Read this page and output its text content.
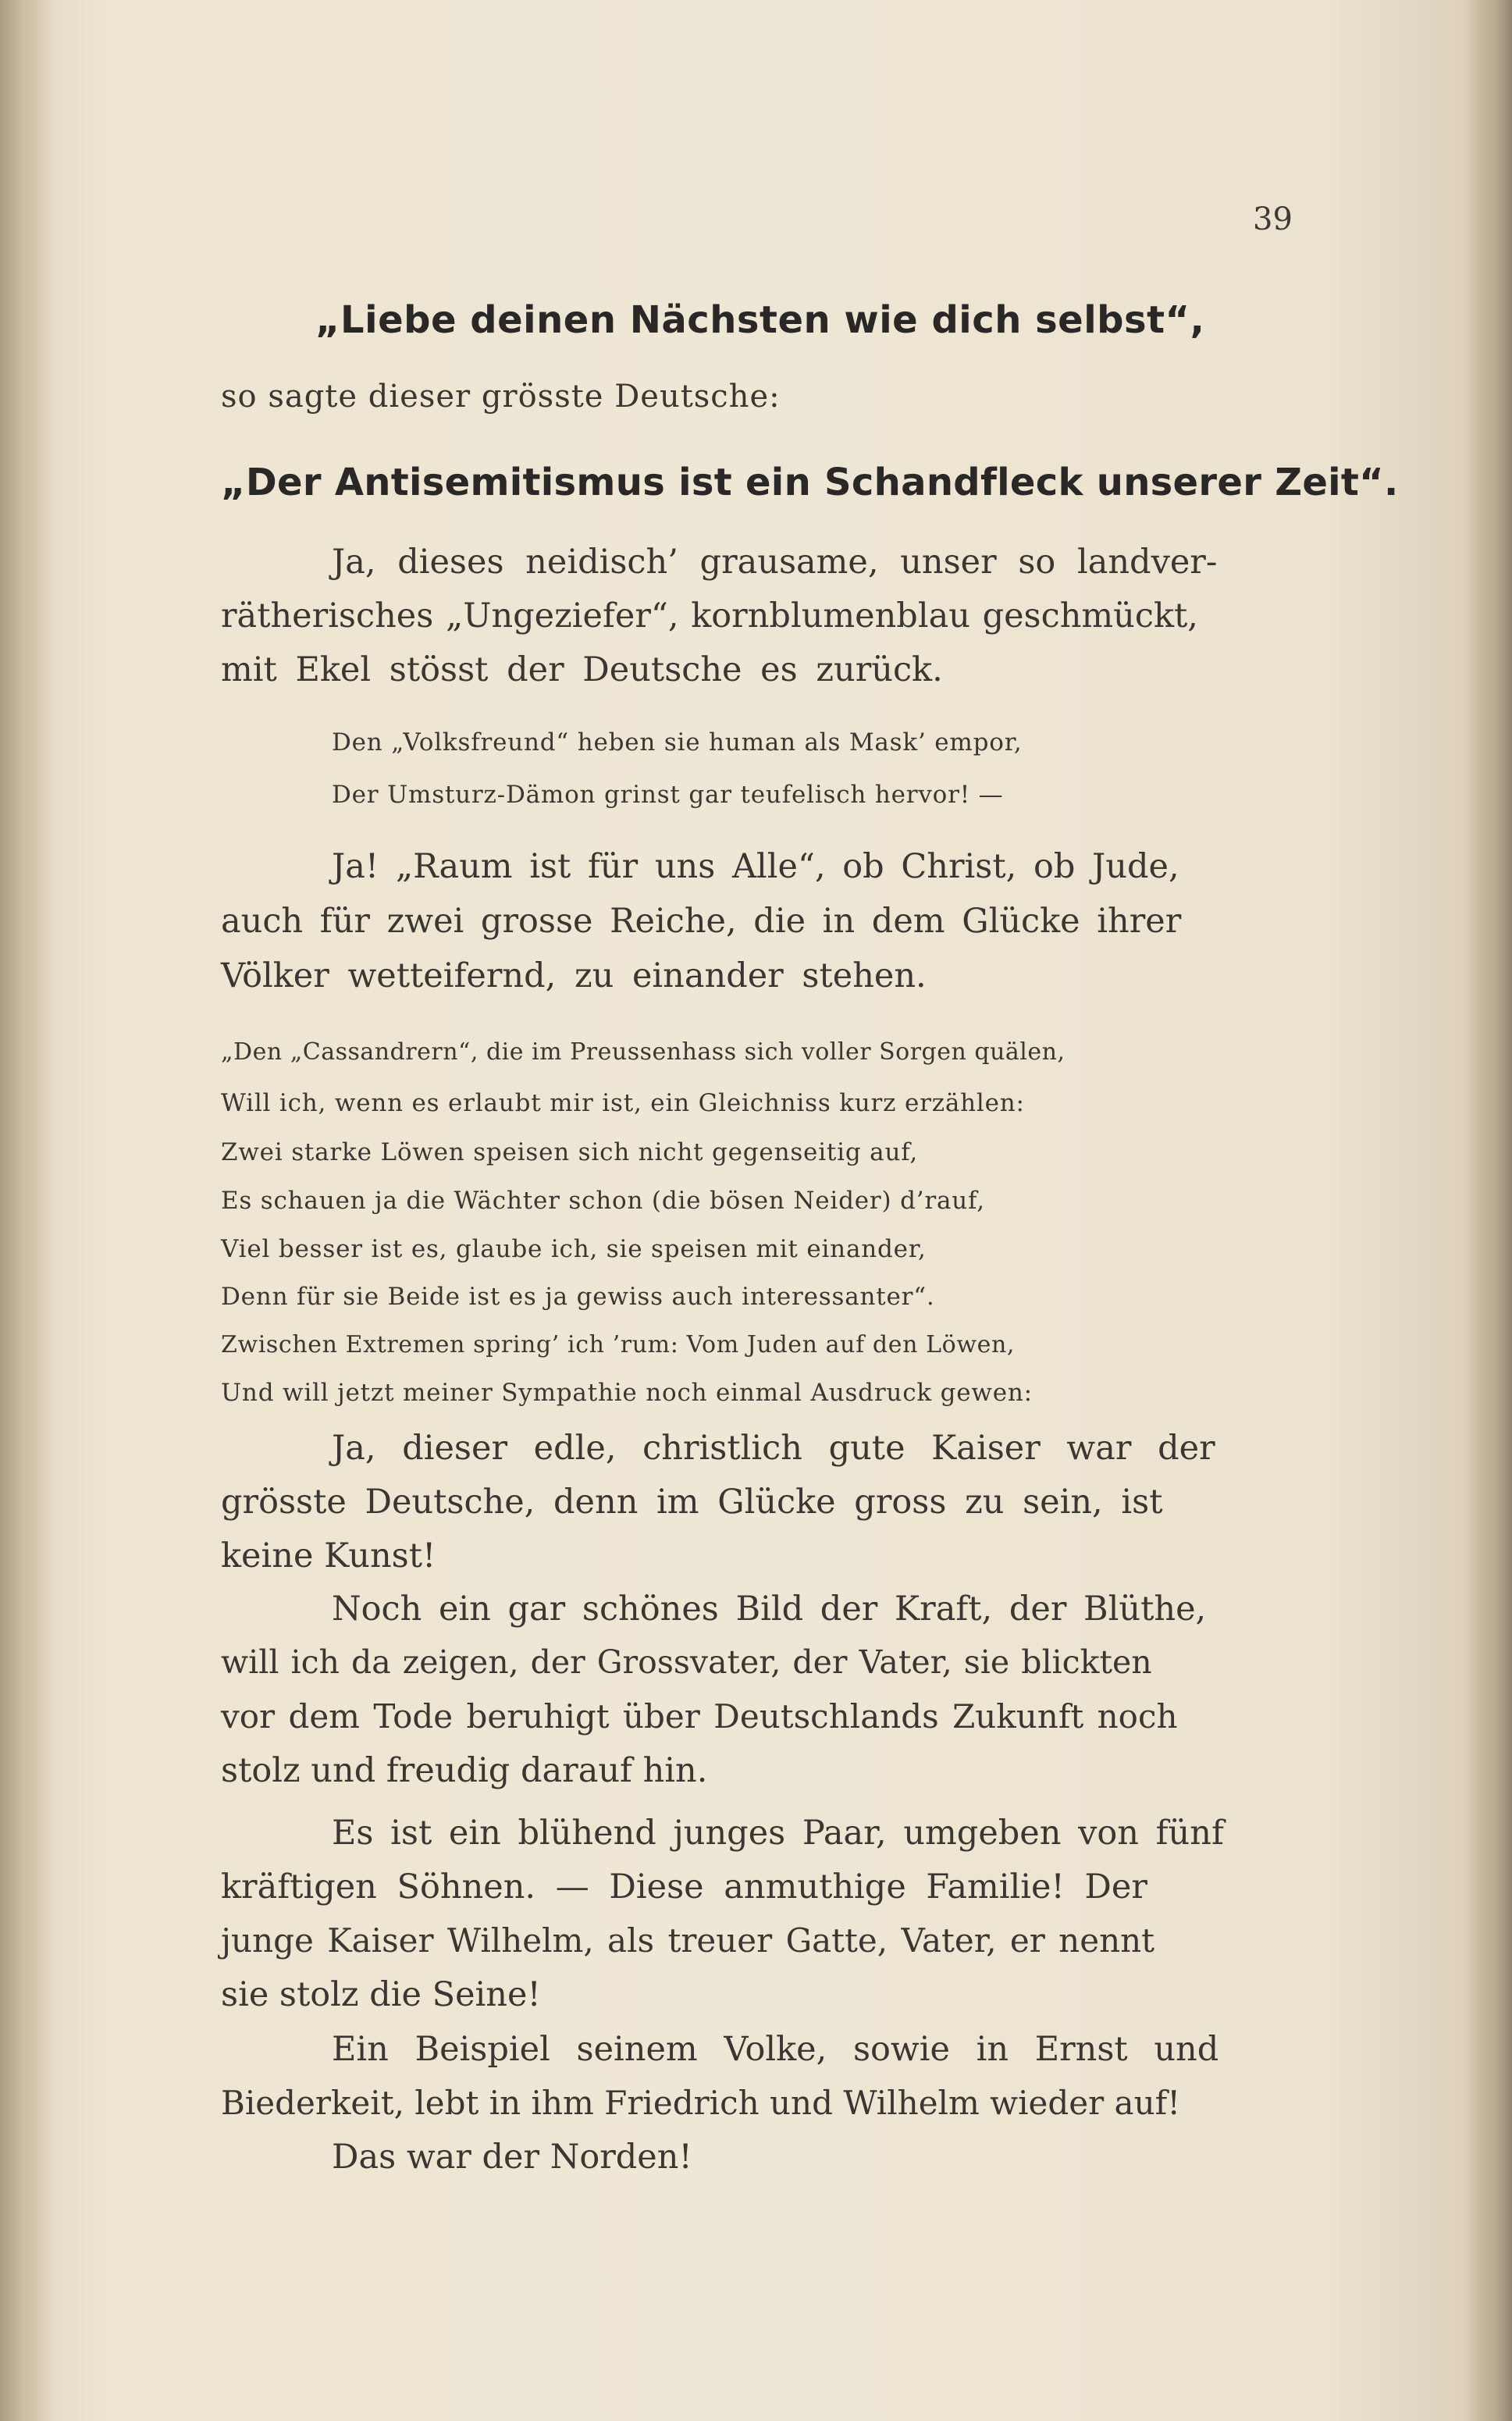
39
„Liebe deinen Nächsten wie dich selbst“,
so sagte dieser grösste Deutsche:
„Der Antisemitismus ist ein Schandfleck unserer Zeit“.
Ja, dieses neidisch’ grausame, unser so landver-
rätherisches „Ungeziefer“, kornblumenblau geschmückt,
mit Ekel stösst der Deutsche es zurück.
Den „Volksfreund“ heben sie human als Mask’ empor,
Der Umsturz-Dämon grinst gar teufelisch hervor! —
Ja! „Raum ist für uns Alle“, ob Christ, ob Jude,
auch für zwei grosse Reiche, die in dem Glücke ihrer
Völker wetteifernd, zu einander stehen.
„Den „Cassandrern“, die im Preussenhass sich voller Sorgen quälen,
Will ich, wenn es erlaubt mir ist, ein Gleichniss kurz erzählen:
Zwei starke Löwen speisen sich nicht gegenseitig auf,
Es schauen ja die Wächter schon (die bösen Neider) d’rauf,
Viel besser ist es, glaube ich, sie speisen mit einander,
Denn für sie Beide ist es ja gewiss auch interessanter“.
Zwischen Extremen spring’ ich ’rum: Vom Juden auf den Löwen,
Und will jetzt meiner Sympathie noch einmal Ausdruck gewen:
Ja, dieser edle, christlich gute Kaiser war der
grösste Deutsche, denn im Glücke gross zu sein, ist
keine Kunst!
Noch ein gar schönes Bild der Kraft, der Blüthe,
will ich da zeigen, der Grossvater, der Vater, sie blickten
vor dem Tode beruhigt über Deutschlands Zukunft noch
stolz und freudig darauf hin.
Es ist ein blühend junges Paar, umgeben von fünf
kräftigen Söhnen. — Diese anmuthige Familie! Der
junge Kaiser Wilhelm, als treuer Gatte, Vater, er nennt
sie stolz die Seine!
Ein Beispiel seinem Volke, sowie in Ernst und
Biederkeit, lebt in ihm Friedrich und Wilhelm wieder auf!
Das war der Norden!
